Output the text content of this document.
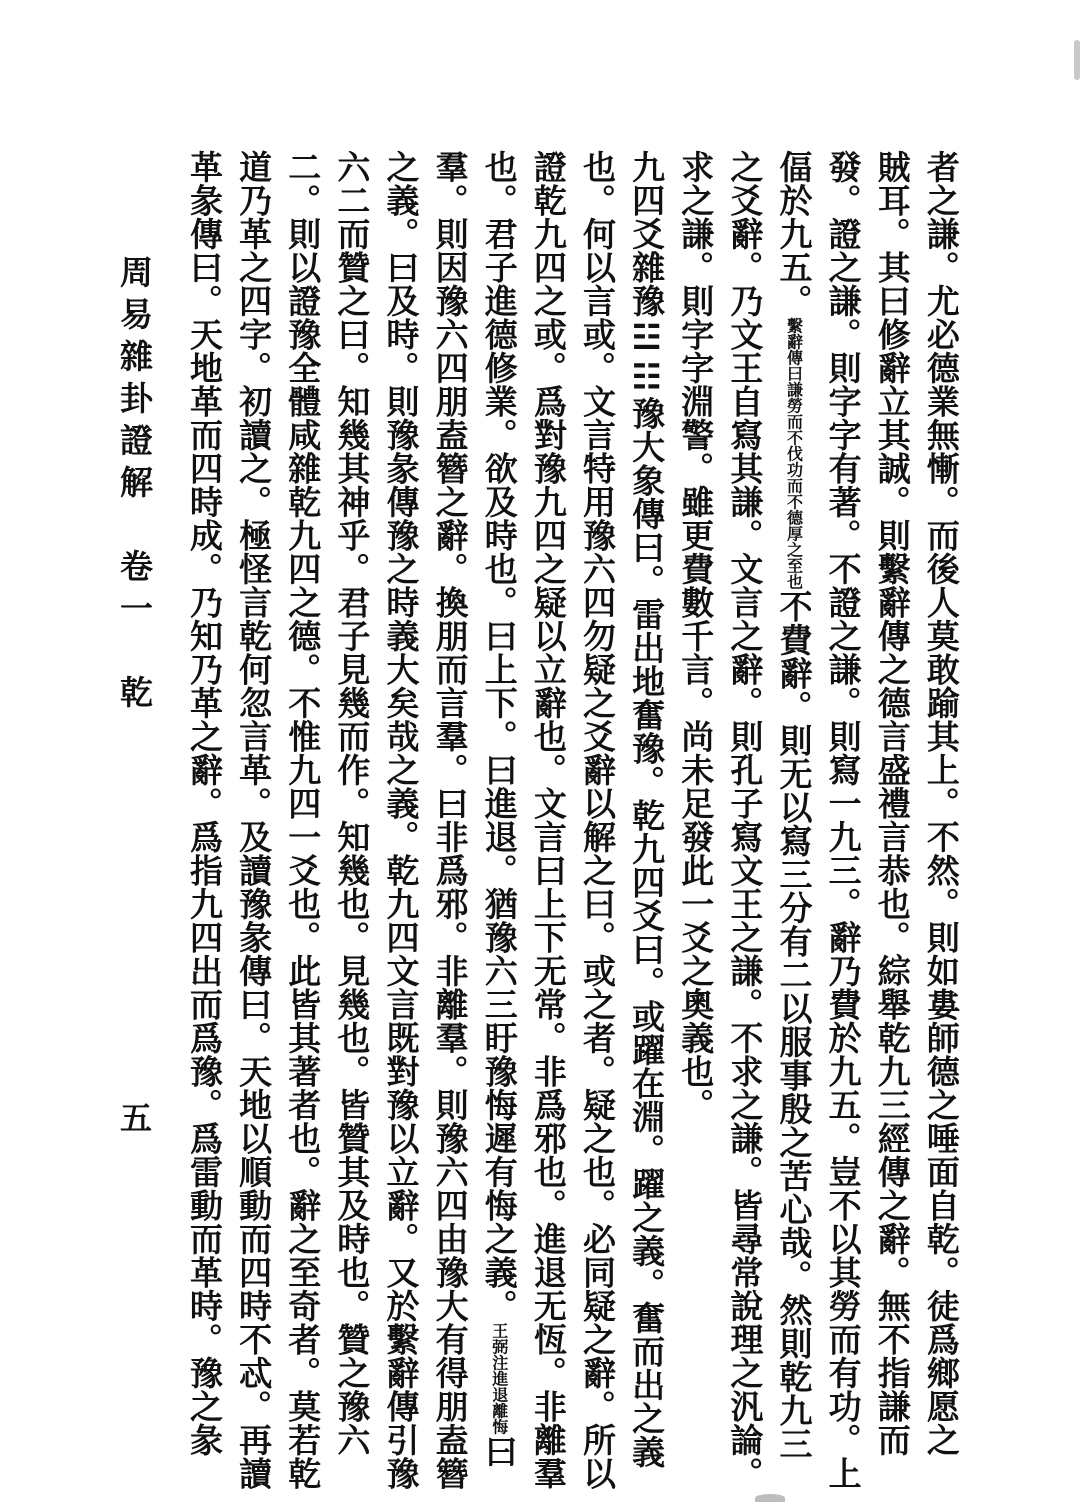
者之謙。尤必德業無慚。而後人莫敢踰其上。不然。則如婁師德之唾面自乾。徒爲鄉愿之
賊耳。其曰修辭立其誠。則繫辭傳之德言盛禮言恭也。綜舉乾九三經傳之辭。無不指謙而
發。證之謙。則字字有著。不證之謙。則寫一九三。辭乃費於九五。豈不以其勞而有功。上
偪於九五。繫辭傳曰謙勞而不伐功而不德厚之至也不費辭。則无以寫三分有二以服事殷之苦心哉。然則乾九三
之爻辭。乃文王自寫其謙。文言之辭。則孔子寫文王之謙。不求之謙。皆尋常說理之汎論。
求之謙。則字字淵警。雖更費數千言。尚未足發此一爻之奧義也。
九四爻雜豫☳☷豫大象傳曰。雷出地奮豫。乾九四爻曰。或躍在淵。躍之義。奮而出之義
也。何以言或。文言特用豫六四勿疑之爻辭以解之曰。或之者。疑之也。必同疑之辭。所以
證乾九四之或。爲對豫九四之疑以立辭也。文言曰上下无常。非爲邪也。進退无恆。非離羣
也。君子進德修業。欲及時也。曰上下。曰進退。猶豫六三盱豫悔遲有悔之義。王弼注進退離悔曰
羣。則因豫六四朋盍簪之辭。換朋而言羣。曰非爲邪。非離羣。則豫六四由豫大有得朋盍簪
之義。曰及時。則豫彖傳豫之時義大矣哉之義。乾九四文言既對豫以立辭。又於繫辭傳引豫
六二而贊之曰。知幾其神乎。君子見幾而作。知幾也。見幾也。皆贊其及時也。贊之豫六
二。則以證豫全體咸雜乾九四之德。不惟九四一爻也。此皆其著者也。辭之至奇者。莫若乾
道乃革之四字。初讀之。極怪言乾何忽言革。及讀豫彖傳曰。天地以順動而四時不忒。再讀
革彖傳曰。天地革而四時成。乃知乃革之辭。爲指九四出而爲豫。爲雷動而革時。豫之彖
周易雜卦證解　卷一　乾
五
